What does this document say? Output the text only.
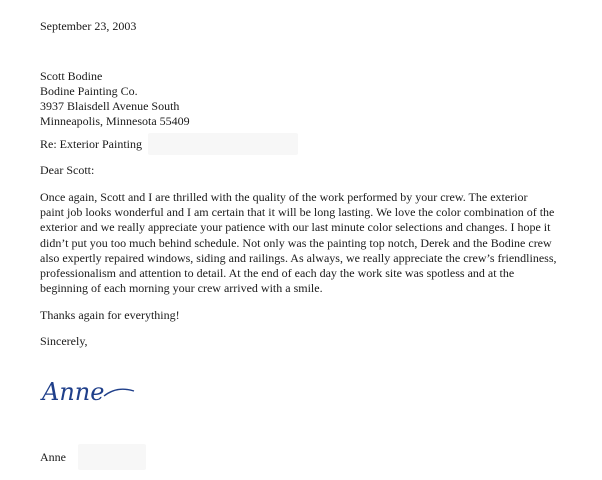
September 23, 2003
Scott Bodine
Bodine Painting Co.
3937 Blaisdell Avenue South
Minneapolis, Minnesota 55409
Re: Exterior Painting
Dear Scott:
Once again, Scott and I are thrilled with the quality of the work performed by your crew. The exterior
paint job looks wonderful and I am certain that it will be long lasting. We love the color combination of the
exterior and we really appreciate your patience with our last minute color selections and changes. I hope it
didn’t put you too much behind schedule. Not only was the painting top notch, Derek and the Bodine crew
also expertly repaired windows, siding and railings. As always, we really appreciate the crew’s friendliness,
professionalism and attention to detail. At the end of each day the work site was spotless and at the
beginning of each morning your crew arrived with a smile.
Thanks again for everything!
Sincerely,
Anne
Anne
